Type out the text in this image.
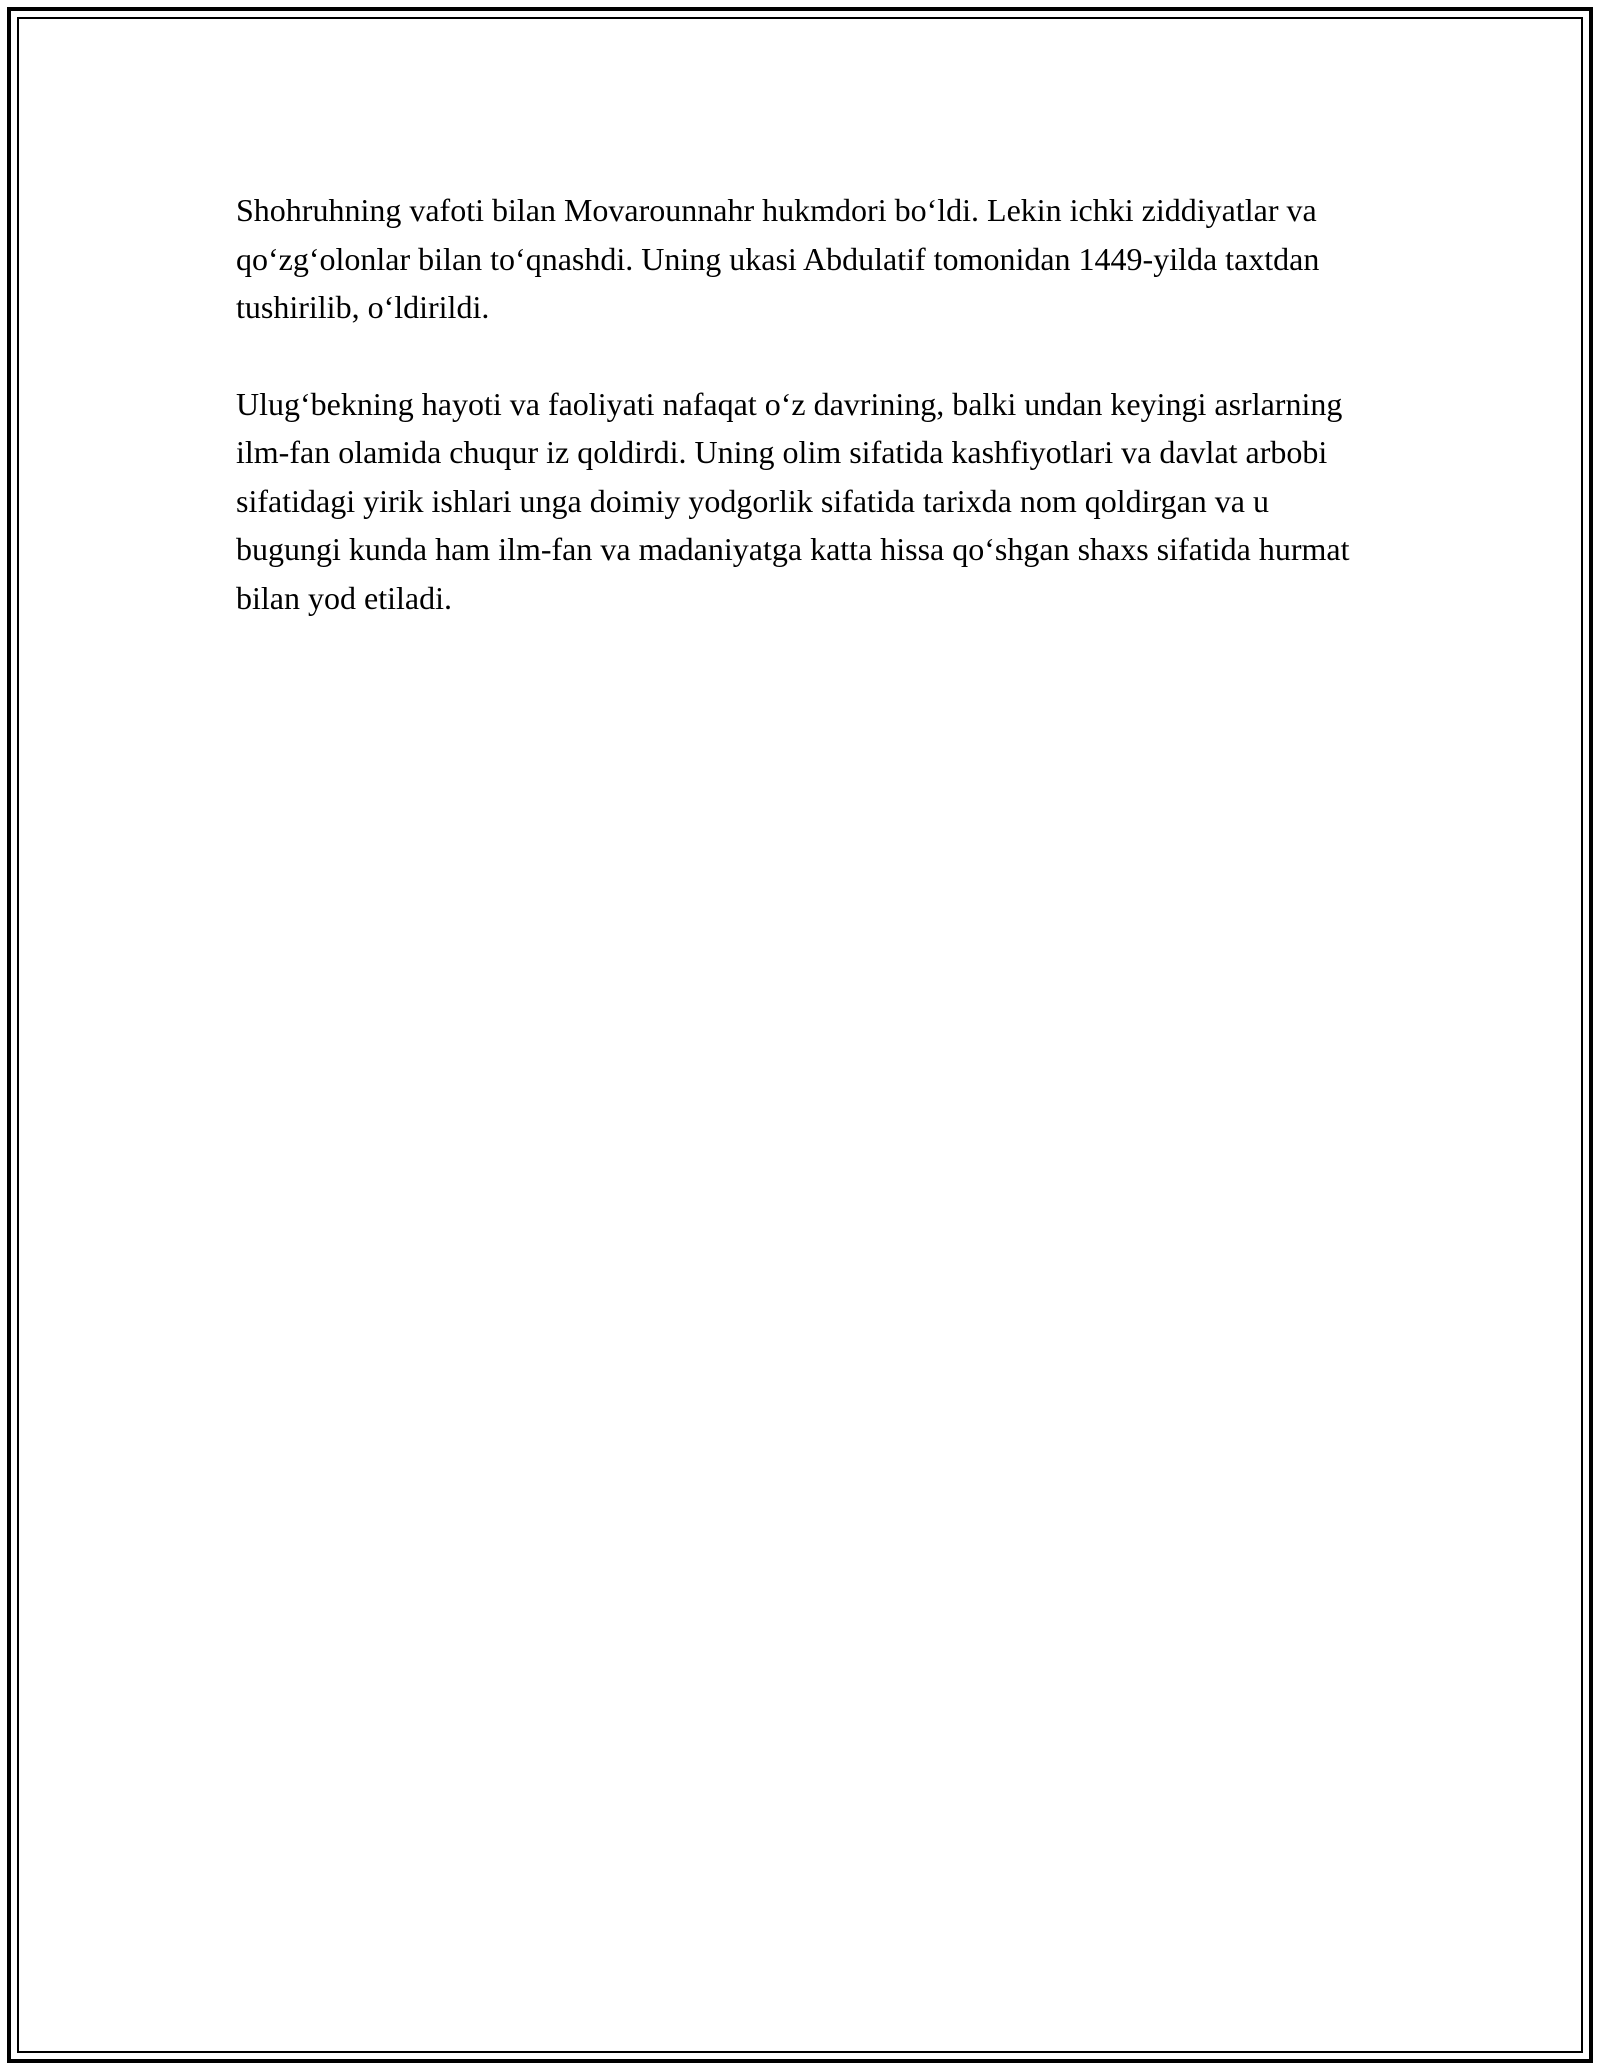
Shohruhning vafoti bilan Movarounnahr hukmdori bo‘ldi. Lekin ichki ziddiyatlar va qo‘zg‘olonlar bilan to‘qnashdi. Uning ukasi Abdulatif tomonidan 1449-yilda taxtdan tushirilib, o‘ldirildi.

Ulug‘bekning hayoti va faoliyati nafaqat o‘z davrining, balki undan keyingi asrlarning ilm-fan olamida chuqur iz qoldirdi. Uning olim sifatida kashfiyotlari va davlat arbobi sifatidagi yirik ishlari unga doimiy yodgorlik sifatida tarixda nom qoldirgan va u bugungi kunda ham ilm-fan va madaniyatga katta hissa qo‘shgan shaxs sifatida hurmat bilan yod etiladi.
